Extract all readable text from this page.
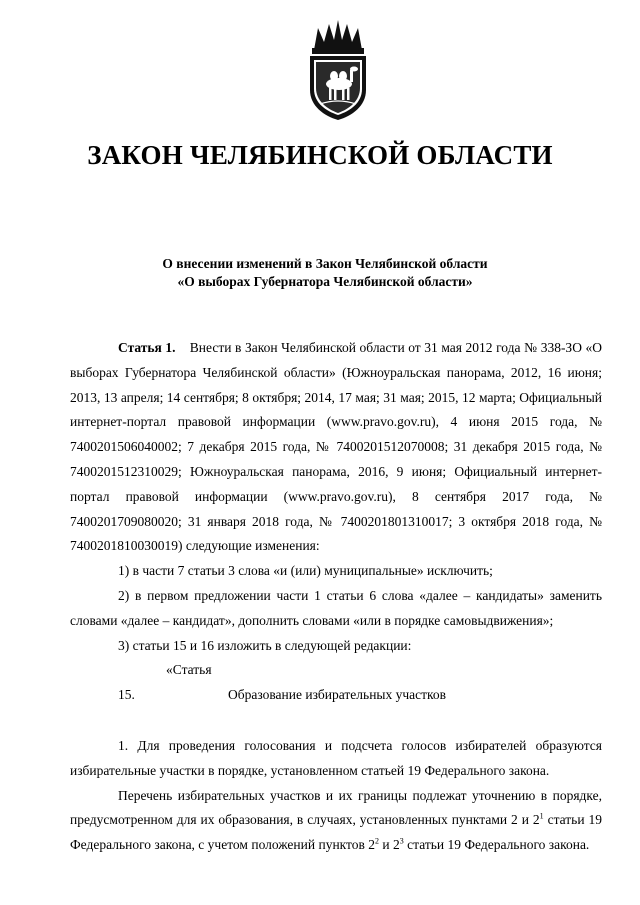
ЗАКОН ЧЕЛЯБИНСКОЙ ОБЛАСТИ
О внесении изменений в Закон Челябинской области
«О выборах Губернатора Челябинской области»

Статья 1. Внести в Закон Челябинской области от 31 мая 2012 года № 338-ЗО «О выборах Губернатора Челябинской области» (Южноуральская панорама, 2012, 16 июня; 2013, 13 апреля; 14 сентября; 8 октября; 2014, 17 мая; 31 мая; 2015, 12 марта; Официальный интернет-портал правовой информации (www.pravo.gov.ru), 4 июня 2015 года, № 7400201506040002; 7 декабря 2015 года, № 7400201512070008; 31 декабря 2015 года, № 7400201512310029; Южноуральская панорама, 2016, 9 июня; Официальный интернет-портал правовой информации (www.pravo.gov.ru), 8 сентября 2017 года, № 7400201709080020; 31 января 2018 года, № 7400201801310017; 3 октября 2018 года, № 7400201810030019) следующие изменения:

1) в части 7 статьи 3 слова «и (или) муниципальные» исключить;

2) в первом предложении части 1 статьи 6 слова «далее – кандидаты» заменить словами «далее – кандидат», дополнить словами «или в порядке самовыдвижения»;

3) статьи 15 и 16 изложить в следующей редакции:

«Статья 15.	Образование избирательных участков

1. Для проведения голосования и подсчета голосов избирателей образуются избирательные участки в порядке, установленном статьей 19 Федерального закона.

Перечень избирательных участков и их границы подлежат уточнению в порядке, предусмотренном для их образования, в случаях, установленных пунктами 2 и $2^1$ статьи 19 Федерального закона, с учетом положений пунктов $2^2$ и $2^3$ статьи 19 Федерального закона.
